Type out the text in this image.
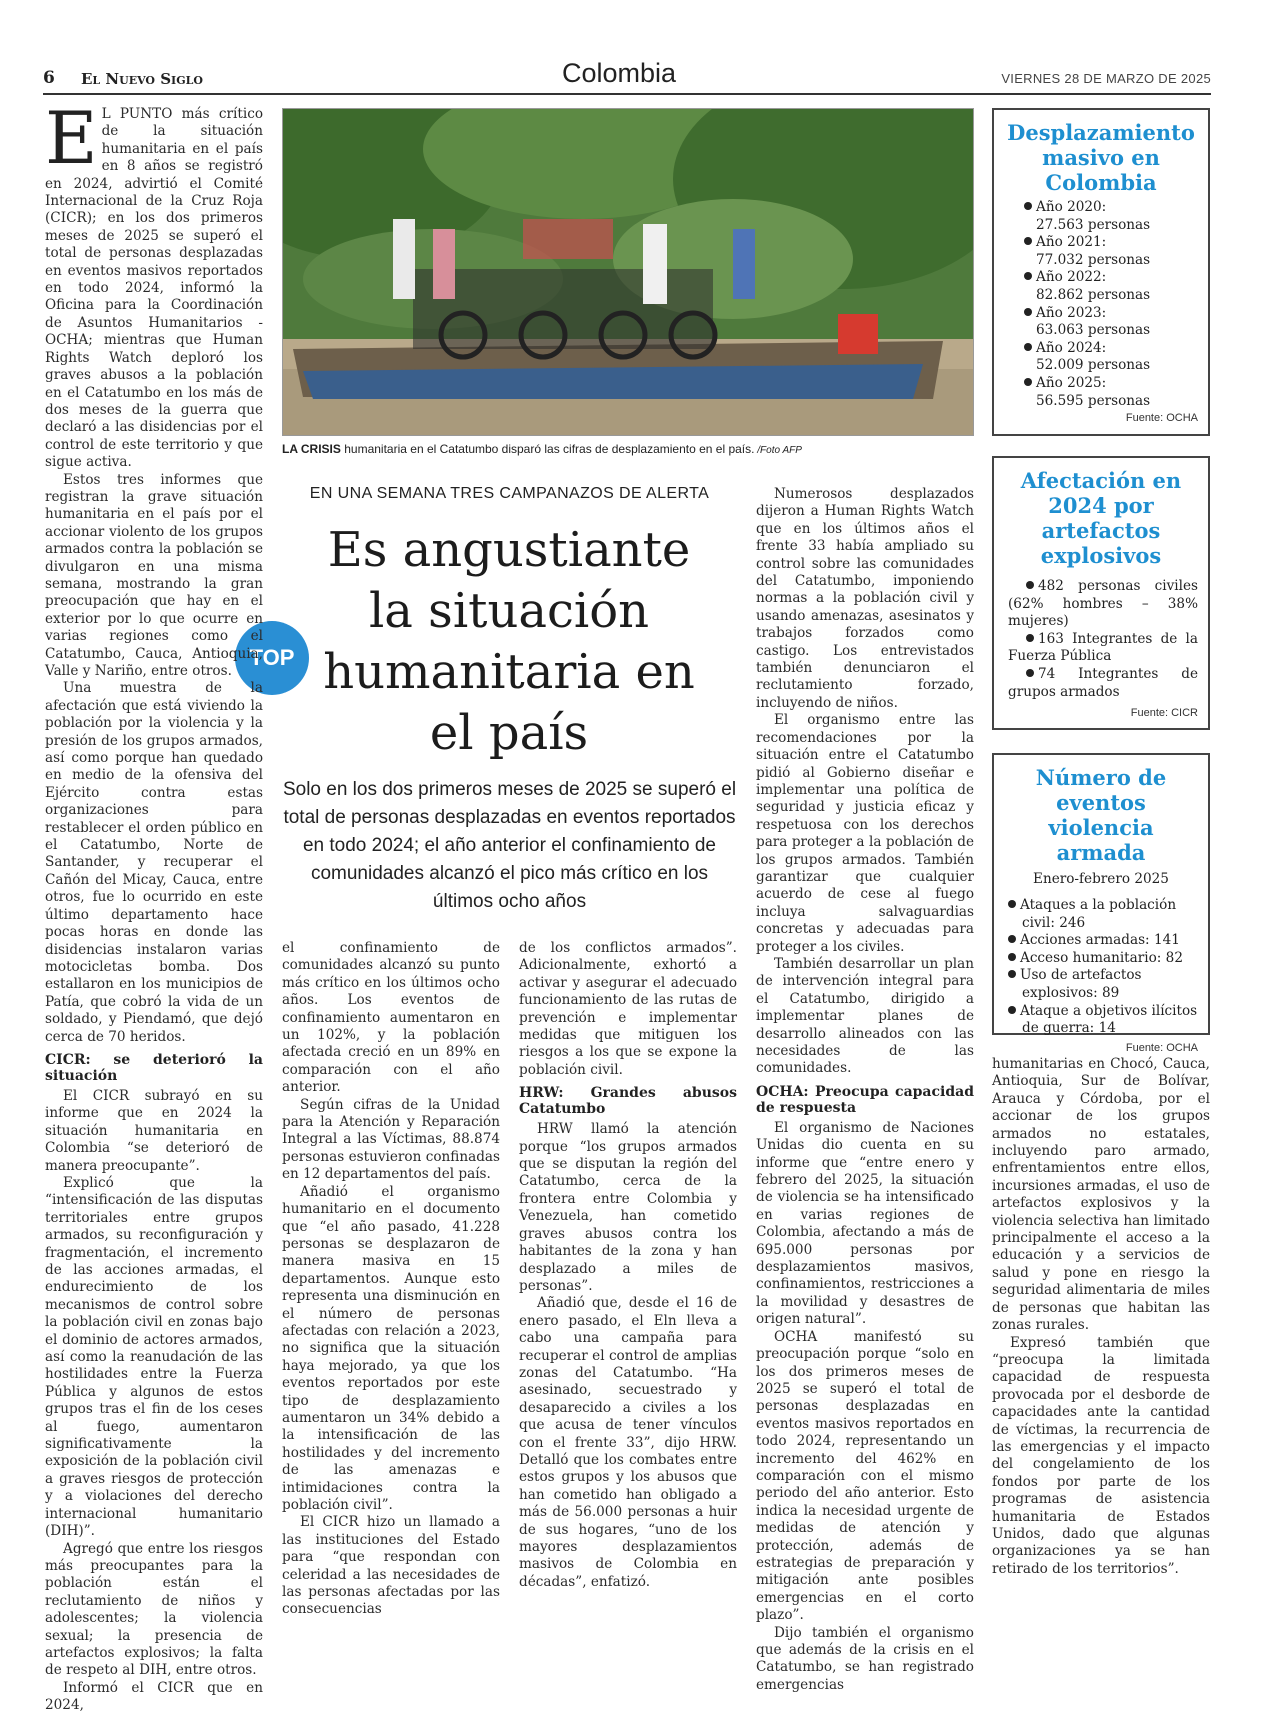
6 El Nuevo Siglo	Colombia	VIERNES 28 DE MARZO DE 2025
LA CRISIS humanitaria en el Catatumbo disparó las cifras de desplazamiento en el país. /Foto AFP
EN UNA SEMANA TRES CAMPANAZOS DE ALERTA
Es angustiante la situación humanitaria en el país
Solo en los dos primeros meses de 2025 se superó el total de personas desplazadas en eventos reportados en todo 2024; el año anterior el confinamiento de comunidades alcanzó el pico más crítico en los últimos ocho años
TOP

E L PUNTO más crítico de la situación humanitaria en el país en 8 años se registró en 2024, advirtió el Comité Internacional de la Cruz Roja (CICR); en los dos primeros meses de 2025 se superó el total de personas desplazadas en eventos masivos reportados en todo 2024, informó la Oficina para la Coordinación de Asuntos Humanitarios - OCHA; mientras que Human Rights Watch deploró los graves abusos a la población en el Catatumbo en los más de dos meses de la guerra que declaró a las disidencias por el control de este territorio y que sigue activa.

Estos tres informes que registran la grave situación humanitaria en el país por el accionar violento de los grupos armados contra la población se divulgaron en una misma semana, mostrando la gran preocupación que hay en el exterior por lo que ocurre en varias regiones como el Catatumbo, Cauca, Antioquia, Valle y Nariño, entre otros.

Una muestra de la afectación que está viviendo la población por la violencia y la presión de los grupos armados, así como porque han quedado en medio de la ofensiva del Ejército contra estas organizaciones para restablecer el orden público en el Catatumbo, Norte de Santander, y recuperar el Cañón del Micay, Cauca, entre otros, fue lo ocurrido en este último departamento hace pocas horas en donde las disidencias instalaron varias motocicletas bomba. Dos estallaron en los municipios de Patía, que cobró la vida de un soldado, y Piendamó, que dejó cerca de 70 heridos.

CICR: se deterioró la situación

El CICR subrayó en su informe que en 2024 la situación humanitaria en Colombia “se deterioró de manera preocupante”.

Explicó que la “intensificación de las disputas territoriales entre grupos armados, su reconfiguración y fragmentación, el incremento de las acciones armadas, el endurecimiento de los mecanismos de control sobre la población civil en zonas bajo el dominio de actores armados, así como la reanudación de las hostilidades entre la Fuerza Pública y algunos de estos grupos tras el fin de los ceses al fuego, aumentaron significativamente la exposición de la población civil a graves riesgos de protección y a violaciones del derecho internacional humanitario (DIH)”.

Agregó que entre los riesgos más preocupantes para la población están el reclutamiento de niños y adolescentes; la violencia sexual; la presencia de artefactos explosivos; la falta de respeto al DIH, entre otros.

Informó el CICR que en 2024,

el confinamiento de comunidades alcanzó su punto más crítico en los últimos ocho años. Los eventos de confinamiento aumentaron en un 102%, y la población afectada creció en un 89% en comparación con el año anterior.

Según cifras de la Unidad para la Atención y Reparación Integral a las Víctimas, 88.874 personas estuvieron confinadas en 12 departamentos del país.

Añadió el organismo humanitario en el documento que “el año pasado, 41.228 personas se desplazaron de manera masiva en 15 departamentos. Aunque esto representa una disminución en el número de personas afectadas con relación a 2023, no significa que la situación haya mejorado, ya que los eventos reportados por este tipo de desplazamiento aumentaron un 34% debido a la intensificación de las hostilidades y del incremento de las amenazas e intimidaciones contra la población civil”.

El CICR hizo un llamado a las instituciones del Estado para “que respondan con celeridad a las necesidades de las personas afectadas por las consecuencias

de los conflictos armados”. Adicionalmente, exhortó a activar y asegurar el adecuado funcionamiento de las rutas de prevención e implementar medidas que mitiguen los riesgos a los que se expone la población civil.

HRW: Grandes abusos Catatumbo

HRW llamó la atención porque “los grupos armados que se disputan la región del Catatumbo, cerca de la frontera entre Colombia y Venezuela, han cometido graves abusos contra los habitantes de la zona y han desplazado a miles de personas”.

Añadió que, desde el 16 de enero pasado, el Eln lleva a cabo una campaña para recuperar el control de amplias zonas del Catatumbo. “Ha asesinado, secuestrado y desaparecido a civiles a los que acusa de tener vínculos con el frente 33”, dijo HRW. Detalló que los combates entre estos grupos y los abusos que han cometido han obligado a más de 56.000 personas a huir de sus hogares, “uno de los mayores desplazamientos masivos de Colombia en décadas”, enfatizó.

Numerosos desplazados dijeron a Human Rights Watch que en los últimos años el frente 33 había ampliado su control sobre las comunidades del Catatumbo, imponiendo normas a la población civil y usando amenazas, asesinatos y trabajos forzados como castigo. Los entrevistados también denunciaron el reclutamiento forzado, incluyendo de niños.

El organismo entre las recomendaciones por la situación entre el Catatumbo pidió al Gobierno diseñar e implementar una política de seguridad y justicia eficaz y respetuosa con los derechos para proteger a la población de los grupos armados. También garantizar que cualquier acuerdo de cese al fuego incluya salvaguardias concretas y adecuadas para proteger a los civiles.

También desarrollar un plan de intervención integral para el Catatumbo, dirigido a implementar planes de desarrollo alineados con las necesidades de las comunidades.

OCHA: Preocupa capacidad de respuesta

El organismo de Naciones Unidas dio cuenta en su informe que “entre enero y febrero del 2025, la situación de violencia se ha intensificado en varias regiones de Colombia, afectando a más de 695.000 personas por desplazamientos masivos, confinamientos, restricciones a la movilidad y desastres de origen natural”.

OCHA manifestó su preocupación porque “solo en los dos primeros meses de 2025 se superó el total de personas desplazadas en eventos masivos reportados en todo 2024, representando un incremento del 462% en comparación con el mismo periodo del año anterior. Esto indica la necesidad urgente de medidas de atención y protección, además de estrategias de preparación y mitigación ante posibles emergencias en el corto plazo”.

Dijo también el organismo que además de la crisis en el Catatumbo, se han registrado emergencias

humanitarias en Chocó, Cauca, Antioquia, Sur de Bolívar, Arauca y Córdoba, por el accionar de los grupos armados no estatales, incluyendo paro armado, enfrentamientos entre ellos, incursiones armadas, el uso de artefactos explosivos y la violencia selectiva han limitado principalmente el acceso a la educación y a servicios de salud y pone en riesgo la seguridad alimentaria de miles de personas que habitan las zonas rurales.

Expresó también que “preocupa la limitada capacidad de respuesta provocada por el desborde de capacidades ante la cantidad de víctimas, la recurrencia de las emergencias y el impacto del congelamiento de los fondos por parte de los programas de asistencia humanitaria de Estados Unidos, dado que algunas organizaciones ya se han retirado de los territorios”.

Desplazamiento masivo en Colombia
Año 2020:
27.563 personas
Año 2021:
77.032 personas
Año 2022:
82.862 personas
Año 2023:
63.063 personas
Año 2024:
52.009 personas
Año 2025:
56.595 personas
Fuente: OCHA
Afectación en 2024 por artefactos explosivos
482 personas civiles (62% hombres – 38% mujeres)
163 Integrantes de la Fuerza Pública
74 Integrantes de grupos armados
Fuente: CICR
Número de eventos violencia armada
Enero-febrero 2025
Ataques a la población civil: 246
Acciones armadas: 141
Acceso humanitario: 82
Uso de artefactos explosivos: 89
Ataque a objetivos ilícitos de guerra: 14
Fuente: OCHA
